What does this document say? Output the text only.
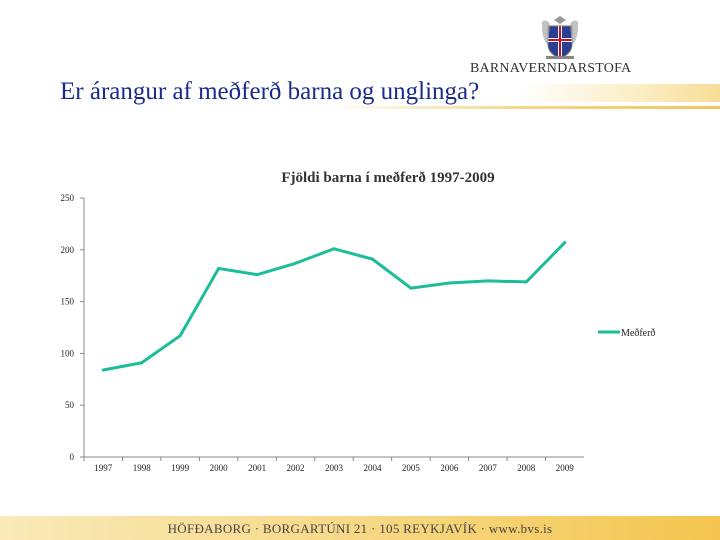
BARNAVERNDARSTOFA
Er árangur af meðferð barna og unglinga?
Fjöldi barna í meðferð 1997-2009
0
50
100
150
200
250
1997 1998 1999 2000 2001 2002 2003 2004 2005 2006 2007 2008 2009
Meðferð
HÖFÐABORG · BORGARTÚNI 21 · 105 REYKJAVÍK · www.bvs.is
